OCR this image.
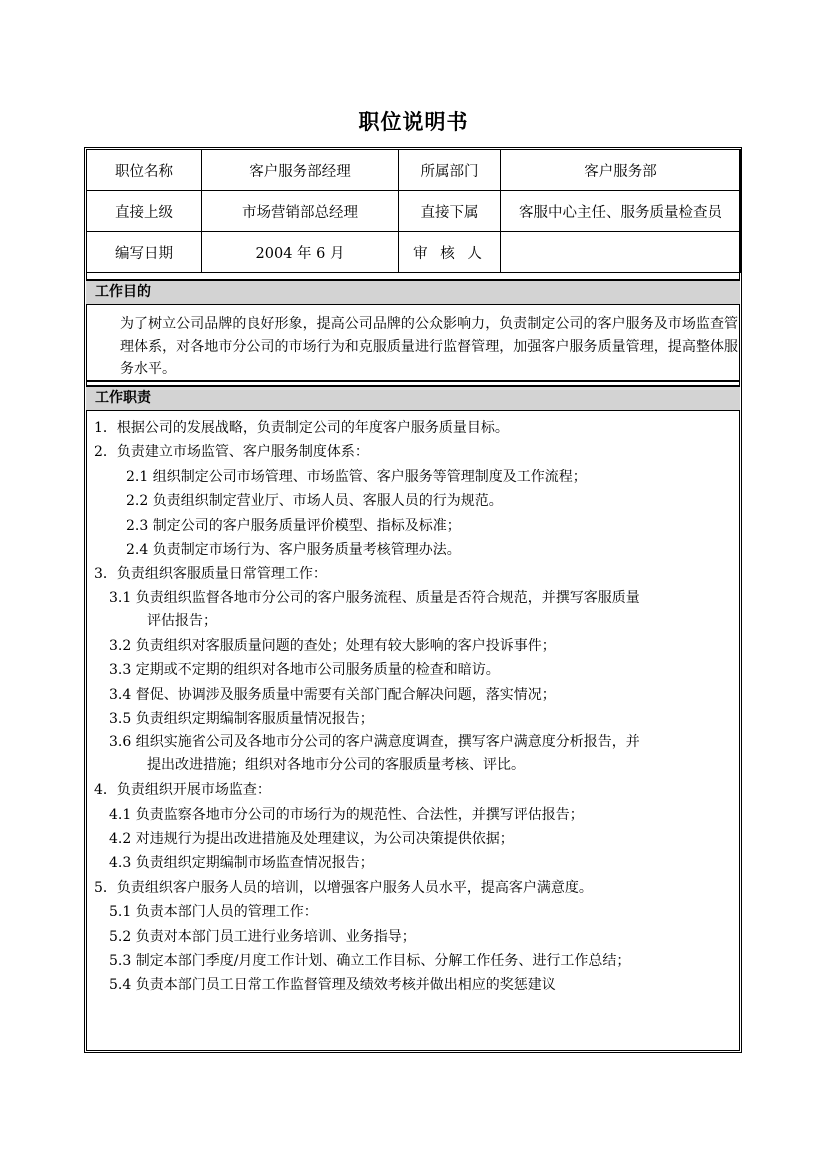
职位说明书
职位名称	客户服务部经理	所属部门	客户服务部
直接上级	市场营销部总经理	直接下属	客服中心主任、服务质量检查员
编写日期	2004 年 6 月	审 核 人	
工作目的
为了树立公司品牌的良好形象，提高公司品牌的公众影响力，负责制定公司的客户服务及市场监查管理体系，对各地市分公司的市场行为和克服质量进行监督管理，加强客户服务质量管理，提高整体服务水平。
工作职责
1．根据公司的发展战略，负责制定公司的年度客户服务质量目标。
2．负责建立市场监管、客户服务制度体系：
2.1 组织制定公司市场管理、市场监管、客户服务等管理制度及工作流程；
2.2 负责组织制定营业厅、市场人员、客服人员的行为规范。
2.3 制定公司的客户服务质量评价模型、指标及标准；
2.4 负责制定市场行为、客户服务质量考核管理办法。
3．负责组织客服质量日常管理工作：
3.1 负责组织监督各地市分公司的客户服务流程、质量是否符合规范，并撰写客服质量
评估报告；
3.2 负责组织对客服质量问题的查处；处理有较大影响的客户投诉事件；
3.3 定期或不定期的组织对各地市公司服务质量的检查和暗访。
3.4 督促、协调涉及服务质量中需要有关部门配合解决问题，落实情况；
3.5 负责组织定期编制客服质量情况报告；
3.6 组织实施省公司及各地市分公司的客户满意度调查，撰写客户满意度分析报告，并
提出改进措施；组织对各地市分公司的客服质量考核、评比。
4．负责组织开展市场监查：
4.1 负责监察各地市分公司的市场行为的规范性、合法性，并撰写评估报告；
4.2 对违规行为提出改进措施及处理建议，为公司决策提供依据；
4.3 负责组织定期编制市场监查情况报告；
5．负责组织客户服务人员的培训，以增强客户服务人员水平，提高客户满意度。
5.1 负责本部门人员的管理工作：
5.2 负责对本部门员工进行业务培训、业务指导；
5.3 制定本部门季度/月度工作计划、确立工作目标、分解工作任务、进行工作总结；
5.4 负责本部门员工日常工作监督管理及绩效考核并做出相应的奖惩建议
